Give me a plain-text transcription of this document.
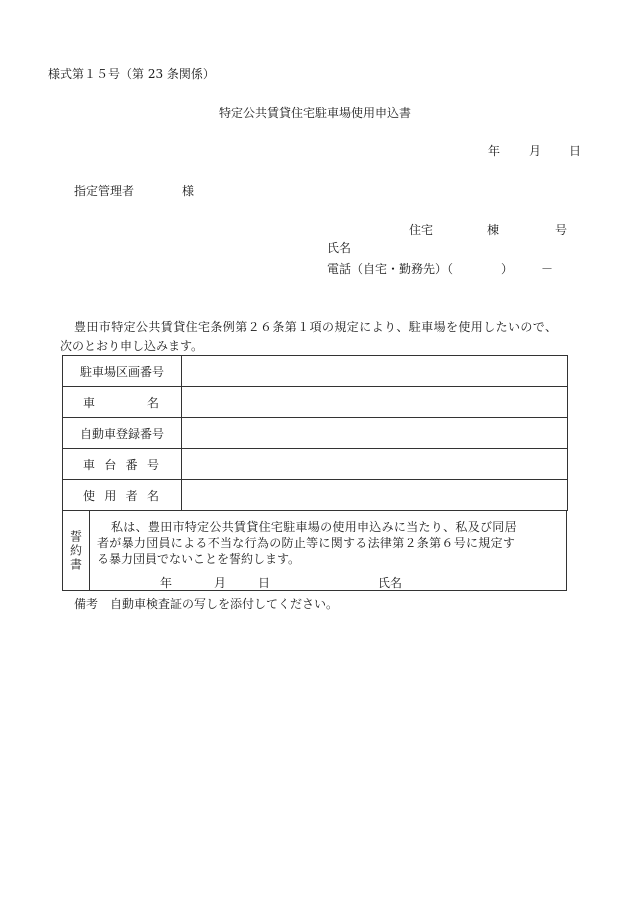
様式第１５号（第 23 条関係）
特定公共賃貸住宅駐車場使用申込書
年 月 日
指定管理者	様
住宅	棟	号
氏名
電話（自宅・勤務先）（	） －
豊田市特定公共賃貸住宅条例第２６条第１項の規定により、駐車場を使用したいので、
次のとおり申し込みます。
駐車場区画番号	

車 名	

自動車登録番号	

車 台 番 号	

使 用 者 名	

誓約書
私は、豊田市特定公共賃貸住宅駐車場の使用申込みに当たり、私及び同居
者が暴力団員による不当な行為の防止等に関する法律第２条第６号に規定す
る暴力団員でないことを誓約します。
年	月	日	氏名
備考 自動車検査証の写しを添付してください。
